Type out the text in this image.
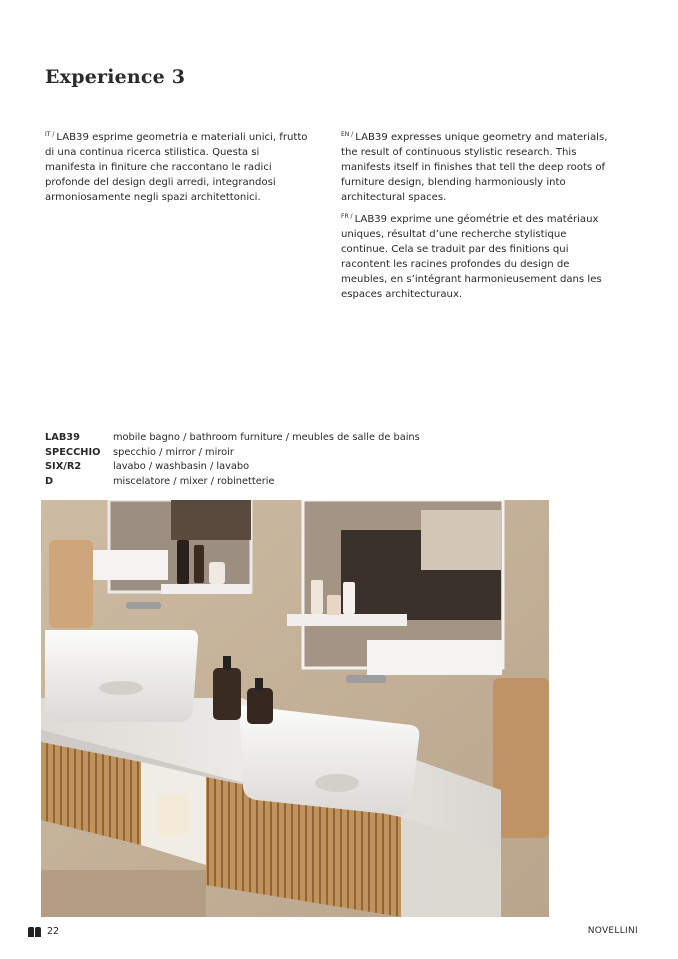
Experience 3

$^{IT /}$ LAB39 esprime geometria e materiali unici, frutto di una continua ricerca stilistica. Questa si manifesta in finiture che raccontano le radici profonde del design degli arredi, integrandosi armoniosamente negli spazi architettonici.

$^{EN /}$ LAB39 expresses unique geometry and materials, the result of continuous stylistic research. This manifests itself in finishes that tell the deep roots of furniture design, blending harmoniously into architectural spaces.

$^{FR /}$ LAB39 exprime une géométrie et des matériaux uniques, résultat d’une recherche stylistique continue. Cela se traduit par des finitions qui racontent les racines profondes du design de meubles, en s’intégrant harmonieusement dans les espaces architecturaux.

LAB39	mobile bagno / bathroom furniture / meubles de salle de bains
SPECCHIO	specchio / mirror / miroir
SIX/R2	lavabo / washbasin / lavabo
D	miscelatore / mixer / robinetterie
22	NOVELLINI
